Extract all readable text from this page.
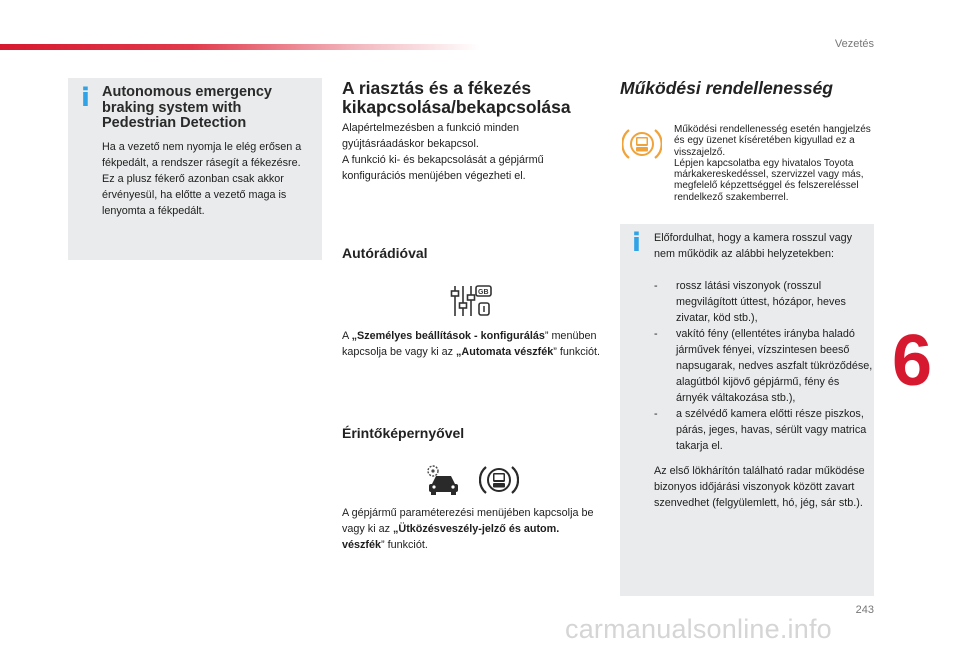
Vezetés
6
243
carmanualsonline.info
i Autonomous emergency braking system with Pedestrian Detection
Ha a vezető nem nyomja le elég erősen a fékpedált, a rendszer rásegít a fékezésre.
Ez a plusz fékerő azonban csak akkor érvényesül, ha előtte a vezető maga is lenyomta a fékpedált.
A riasztás és a fékezés kikapcsolása/bekapcsolása
Alapértelmezésben a funkció minden gyújtásráadáskor bekapcsol.
A funkció ki- és bekapcsolását a gépjármű konfigurációs menüjében végezheti el.
Autórádióval
GB
A „Személyes beállítások - konfigurálás” menüben kapcsolja be vagy ki az „Automata vészfék” funkciót.
Érintőképernyővel
A gépjármű paraméterezési menüjében kapcsolja be vagy ki az „Ütközésveszély-jelző és autom. vészfék” funkciót.
Működési rendellenesség
Működési rendellenesség esetén hangjelzés és egy üzenet kíséretében kigyullad ez a visszajelző.
Lépjen kapcsolatba egy hivatalos Toyota márkakereskedéssel, szervizzel vagy más, megfelelő képzettséggel és felszereléssel rendelkező szakemberrel.
i Előfordulhat, hogy a kamera rosszul vagy nem működik az alábbi helyzetekben:
- rossz látási viszonyok (rosszul megvilágított úttest, hózápor, heves zivatar, köd stb.),
- vakító fény (ellentétes irányba haladó járművek fényei, vízszintesen beeső napsugarak, nedves aszfalt tükröződése, alagútból kijövő gépjármű, fény és árnyék váltakozása stb.),
- a szélvédő kamera előtti része piszkos, párás, jeges, havas, sérült vagy matrica takarja el.
Az első lökhárítón található radar működése bizonyos időjárási viszonyok között zavart szenvedhet (felgyülemlett, hó, jég, sár stb.).
